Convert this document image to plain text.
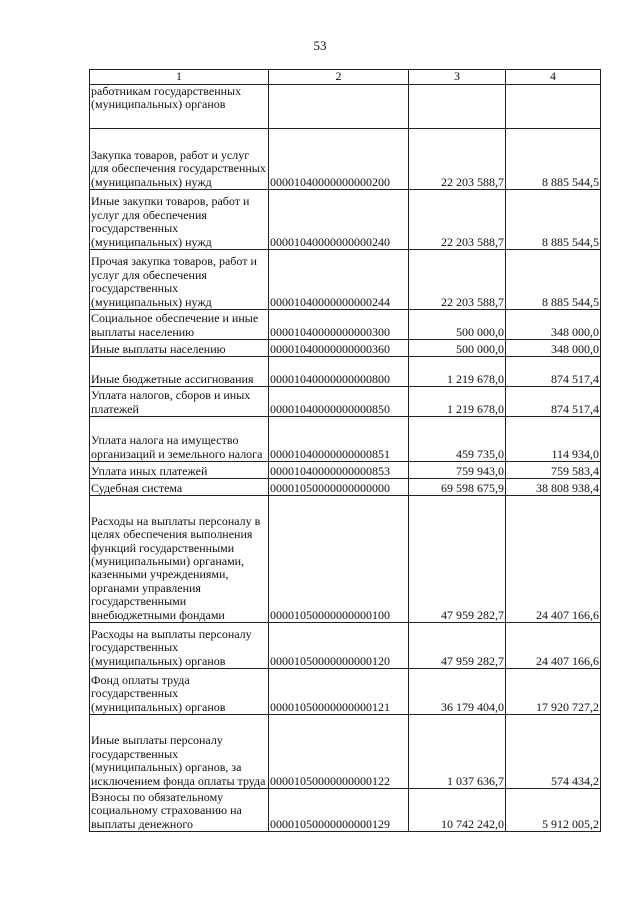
53
1	2	3	4
работникам государственных (муниципальных) органов			
Закупка товаров, работ и услуг для обеспечения государственных (муниципальных) нужд	00001040000000000200	22 203 588,7	8 885 544,5
Иные закупки товаров, работ и услуг для обеспечения государственных (муниципальных) нужд	00001040000000000240	22 203 588,7	8 885 544,5
Прочая закупка товаров, работ и услуг для обеспечения государственных (муниципальных) нужд	00001040000000000244	22 203 588,7	8 885 544,5
Социальное обеспечение и иные выплаты населению	00001040000000000300	500 000,0	348 000,0
Иные выплаты населению	00001040000000000360	500 000,0	348 000,0
Иные бюджетные ассигнования	00001040000000000800	1 219 678,0	874 517,4
Уплата налогов, сборов и иных платежей	00001040000000000850	1 219 678,0	874 517,4
Уплата налога на имущество организаций и земельного налога	00001040000000000851	459 735,0	114 934,0
Уплата иных платежей	00001040000000000853	759 943,0	759 583,4
Судебная система	00001050000000000000	69 598 675,9	38 808 938,4
Расходы на выплаты персоналу в целях обеспечения выполнения функций государственными (муниципальными) органами, казенными учреждениями, органами управления государственными внебюджетными фондами	00001050000000000100	47 959 282,7	24 407 166,6
Расходы на выплаты персоналу государственных (муниципальных) органов	00001050000000000120	47 959 282,7	24 407 166,6
Фонд оплаты труда государственных (муниципальных) органов	00001050000000000121	36 179 404,0	17 920 727,2
Иные выплаты персоналу государственных (муниципальных) органов, за исключением фонда оплаты труда	00001050000000000122	1 037 636,7	574 434,2
Взносы по обязательному социальному страхованию на выплаты денежного	00001050000000000129	10 742 242,0	5 912 005,2
